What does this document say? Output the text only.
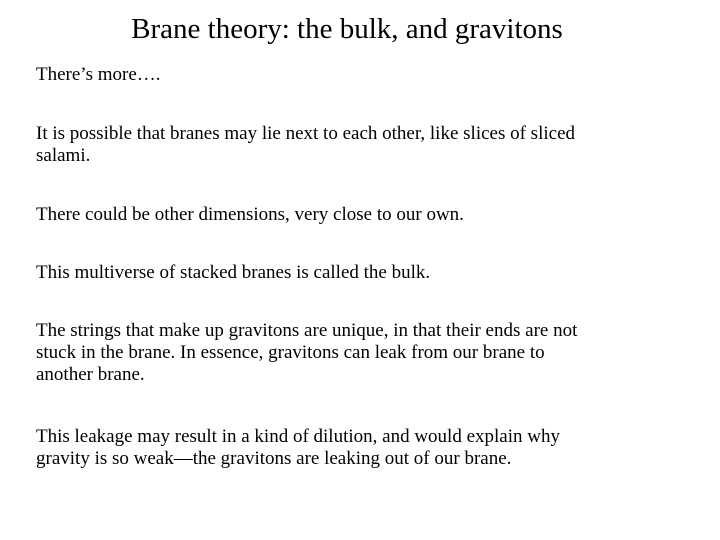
Brane theory: the bulk, and gravitons

There’s more….

It is possible that branes may lie next to each other, like slices of sliced salami.

There could be other dimensions, very close to our own.

This multiverse of stacked branes is called the bulk.

The strings that make up gravitons are unique, in that their ends are not stuck in the brane. In essence, gravitons can leak from our brane to another brane.

This leakage may result in a kind of dilution, and would explain why gravity is so weak—the gravitons are leaking out of our brane.
